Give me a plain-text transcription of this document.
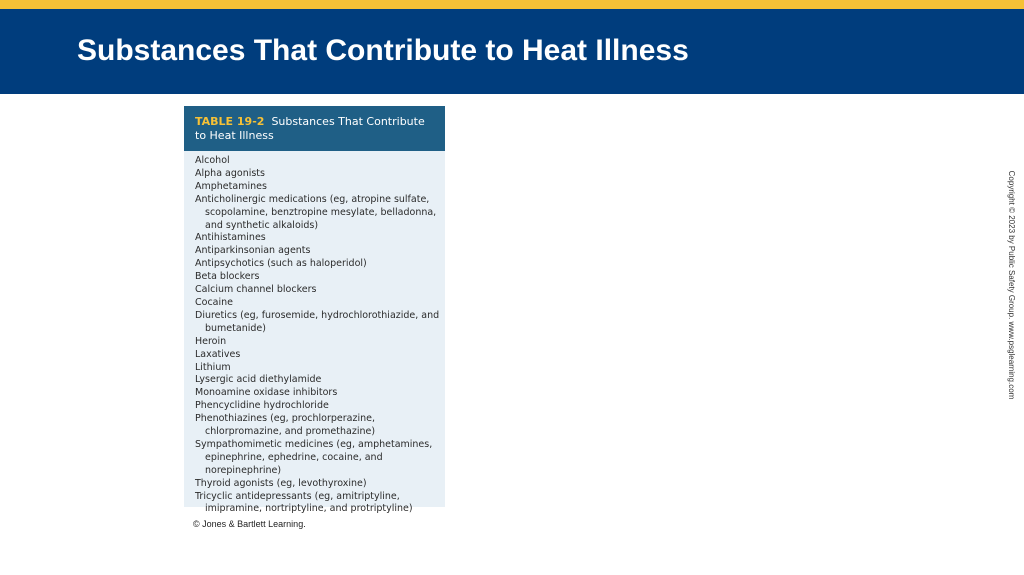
Substances That Contribute to Heat Illness
TABLE 19-2 Substances That Contribute to Heat Illness
Alcohol
Alpha agonists
Amphetamines
Anticholinergic medications (eg, atropine sulfate, scopolamine, benztropine mesylate, belladonna, and synthetic alkaloids)
Antihistamines
Antiparkinsonian agents
Antipsychotics (such as haloperidol)
Beta blockers
Calcium channel blockers
Cocaine
Diuretics (eg, furosemide, hydrochlorothiazide, and bumetanide)
Heroin
Laxatives
Lithium
Lysergic acid diethylamide
Monoamine oxidase inhibitors
Phencyclidine hydrochloride
Phenothiazines (eg, prochlorperazine, chlorpromazine, and promethazine)
Sympathomimetic medicines (eg, amphetamines, epinephrine, ephedrine, cocaine, and norepinephrine)
Thyroid agonists (eg, levothyroxine)
Tricyclic antidepressants (eg, amitriptyline, imipramine, nortriptyline, and protriptyline)
© Jones & Bartlett Learning.
Copyright © 2023 by Public Safety Group. www.psglearning.com
